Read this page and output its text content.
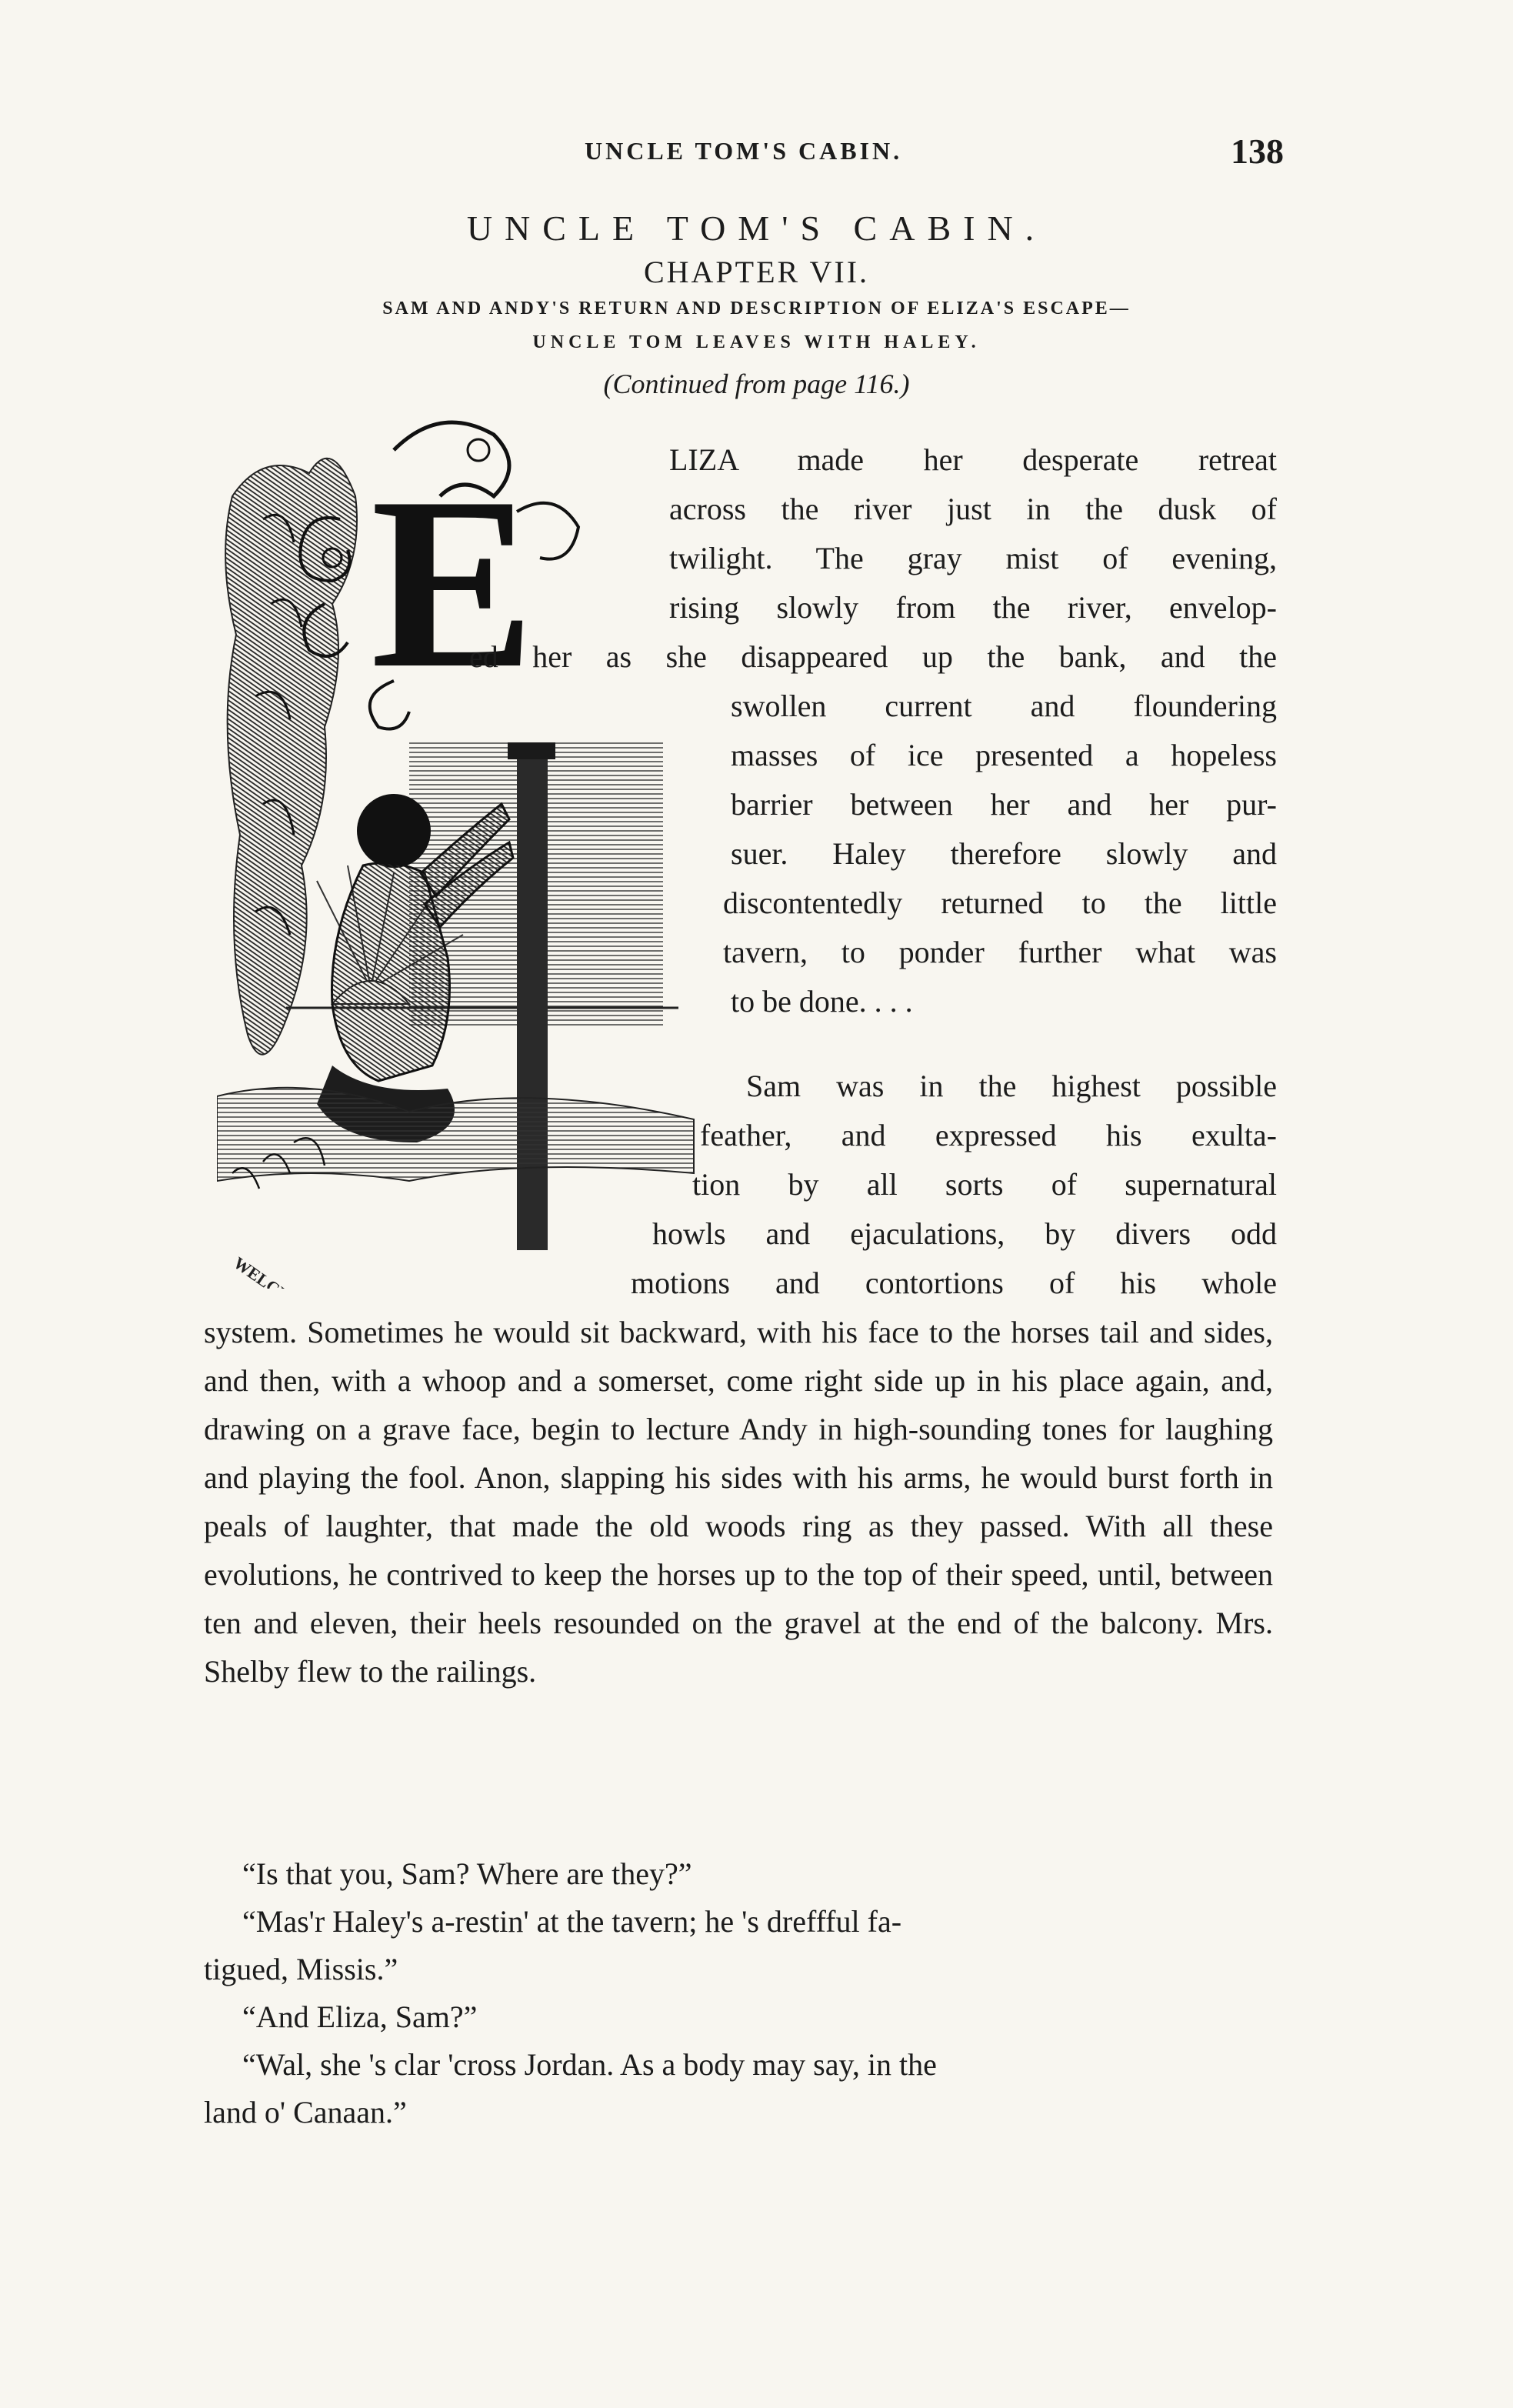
UNCLE TOM'S CABIN.	138
UNCLE TOM'S CABIN.
CHAPTER VII.
SAM AND ANDY'S RETURN AND DESCRIPTION OF ELIZA'S ESCAPE—
UNCLE TOM LEAVES WITH HALEY.
(Continued from page 116.)
E
WELCH
LIZA made her desperate retreat
across the river just in the dusk of
twilight. The gray mist of evening,
rising slowly from the river, envelop-
ed her as she disappeared up the bank, and the
swollen current and floundering
masses of ice presented a hopeless
barrier between her and her pur-
suer. Haley therefore slowly and
discontentedly returned to the little
tavern, to ponder further what was
to be done. . . .
Sam was in the highest possible
feather, and expressed his exulta-
tion by all sorts of supernatural
howls and ejaculations, by divers odd
motions and contortions of his whole
system. Sometimes he would sit backward, with his face to the horses tail and sides, and then, with a whoop and a somerset, come right side up in his place again, and, drawing on a grave face, begin to lecture Andy in high-sounding tones for laughing and playing the fool. Anon, slapping his sides with his arms, he would burst forth in peals of laughter, that made the old woods ring as they passed. With all these evolutions, he contrived to keep the horses up to the top of their speed, until, between ten and eleven, their heels resounded on the gravel at the end of the balcony. Mrs. Shelby flew to the railings.
“Is that you, Sam? Where are they?”
“Mas'r Haley's a-restin' at the tavern; he 's dreffful fa-
tigued, Missis.”
“And Eliza, Sam?”
“Wal, she 's clar 'cross Jordan. As a body may say, in the
land o' Canaan.”
